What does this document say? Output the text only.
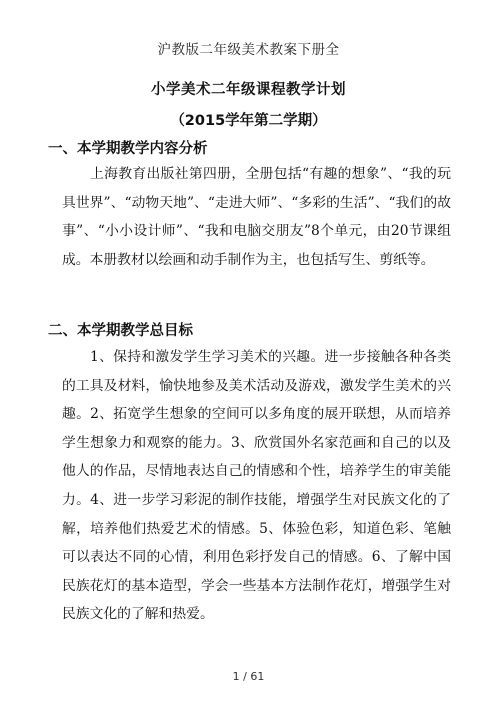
沪教版二年级美术教案下册全
小学美术二年级课程教学计划
（2015学年第二学期）
一、本学期教学内容分析

上海教育出版社第四册，全册包括“有趣的想象”、“我的玩具世界”、“动物天地”、“走进大师”、“多彩的生活”、“我们的故事”、“小小设计师”、“我和电脑交朋友”8个单元，由20节课组成。本册教材以绘画和动手制作为主，也包括写生、剪纸等。

二、本学期教学总目标

1、保持和激发学生学习美术的兴趣。进一步接触各种各类的工具及材料，愉快地参及美术活动及游戏，激发学生美术的兴趣。2、拓宽学生想象的空间可以多角度的展开联想，从而培养学生想象力和观察的能力。3、欣赏国外名家范画和自己的以及他人的作品，尽情地表达自己的情感和个性，培养学生的审美能力。4、进一步学习彩泥的制作技能，增强学生对民族文化的了解，培养他们热爱艺术的情感。5、体验色彩，知道色彩、笔触可以表达不同的心情，利用色彩抒发自己的情感。6、了解中国民族花灯的基本造型，学会一些基本方法制作花灯，增强学生对民族文化的了解和热爱。

1 / 61
